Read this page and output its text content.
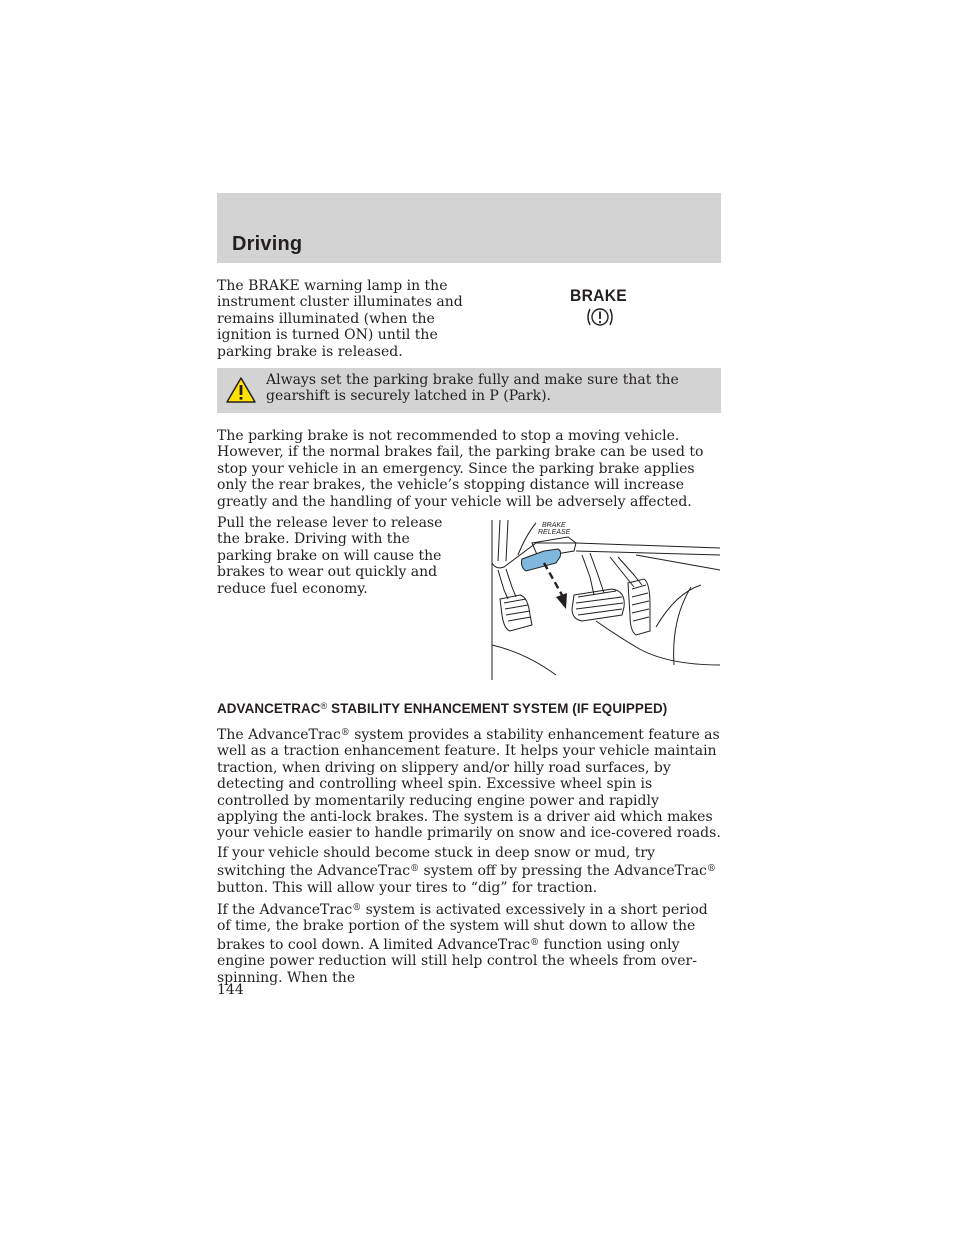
Driving

The BRAKE warning lamp in the instrument cluster illuminates and remains illuminated (when the ignition is turned ON) until the parking brake is released.

BRAKE

Always set the parking brake fully and make sure that the gearshift is securely latched in P (Park).

The parking brake is not recommended to stop a moving vehicle. However, if the normal brakes fail, the parking brake can be used to stop your vehicle in an emergency. Since the parking brake applies only the rear brakes, the vehicle’s stopping distance will increase greatly and the handling of your vehicle will be adversely affected.

Pull the release lever to release the brake. Driving with the parking brake on will cause the brakes to wear out quickly and reduce fuel economy.

BRAKE
RELEASE
ADVANCETRAC® STABILITY ENHANCEMENT SYSTEM (IF EQUIPPED)

The AdvanceTrac® system provides a stability enhancement feature as well as a traction enhancement feature. It helps your vehicle maintain traction, when driving on slippery and/or hilly road surfaces, by detecting and controlling wheel spin. Excessive wheel spin is controlled by momentarily reducing engine power and rapidly applying the anti-lock brakes. The system is a driver aid which makes your vehicle easier to handle primarily on snow and ice-covered roads.

If your vehicle should become stuck in deep snow or mud, try switching the AdvanceTrac® system off by pressing the AdvanceTrac® button. This will allow your tires to “dig” for traction.

If the AdvanceTrac® system is activated excessively in a short period of time, the brake portion of the system will shut down to allow the brakes to cool down. A limited AdvanceTrac® function using only engine power reduction will still help control the wheels from over-spinning. When the

144
